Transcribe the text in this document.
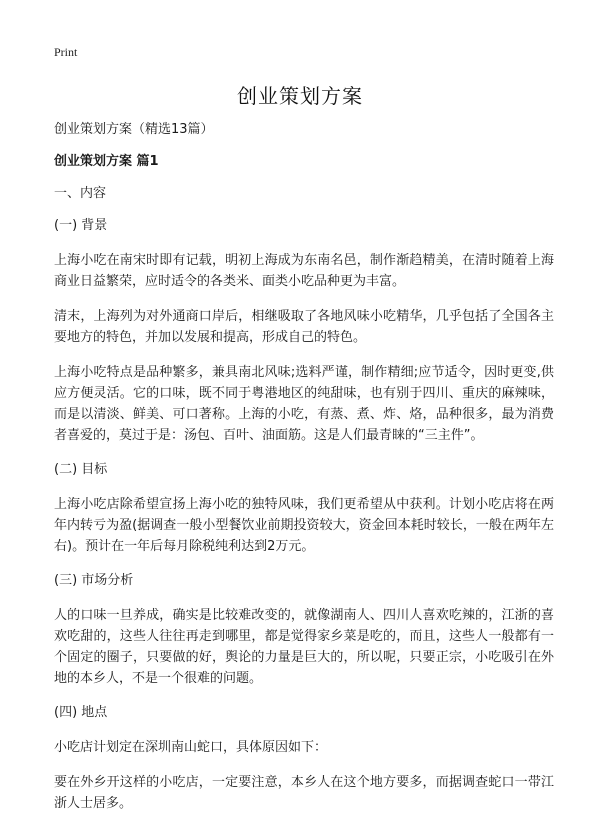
Print
创业策划方案
创业策划方案（精选13篇）
创业策划方案 篇1
一、内容
(一) 背景

上海小吃在南宋时即有记载，明初上海成为东南名邑，制作渐趋精美，在清时随着上海商业日益繁荣，应时适令的各类米、面类小吃品种更为丰富。

清末，上海列为对外通商口岸后，相继吸取了各地风味小吃精华，几乎包括了全国各主要地方的特色，并加以发展和提高，形成自己的特色。

上海小吃特点是品种繁多，兼具南北风味;选料严谨，制作精细;应节适令，因时更变,供应方便灵活。它的口味，既不同于粤港地区的纯甜味，也有别于四川、重庆的麻辣味，而是以清淡、鲜美、可口著称。上海的小吃，有蒸、煮、炸、烙，品种很多，最为消费者喜爱的，莫过于是：汤包、百叶、油面筋。这是人们最青睐的“三主件”。

(二) 目标

上海小吃店除希望宣扬上海小吃的独特风味，我们更希望从中获利。计划小吃店将在两年内转亏为盈(据调查一般小型餐饮业前期投资较大，资金回本耗时较长，一般在两年左右)。预计在一年后每月除税纯利达到2万元。

(三) 市场分析

人的口味一旦养成，确实是比较难改变的，就像湖南人、四川人喜欢吃辣的，江浙的喜欢吃甜的，这些人往往再走到哪里，都是觉得家乡菜是吃的，而且，这些人一般都有一个固定的圈子，只要做的好，舆论的力量是巨大的，所以呢，只要正宗，小吃吸引在外地的本乡人，不是一个很难的问题。

(四) 地点

小吃店计划定在深圳南山蛇口，具体原因如下：

要在外乡开这样的小吃店，一定要注意，本乡人在这个地方要多，而据调查蛇口一带江浙人士居多。
